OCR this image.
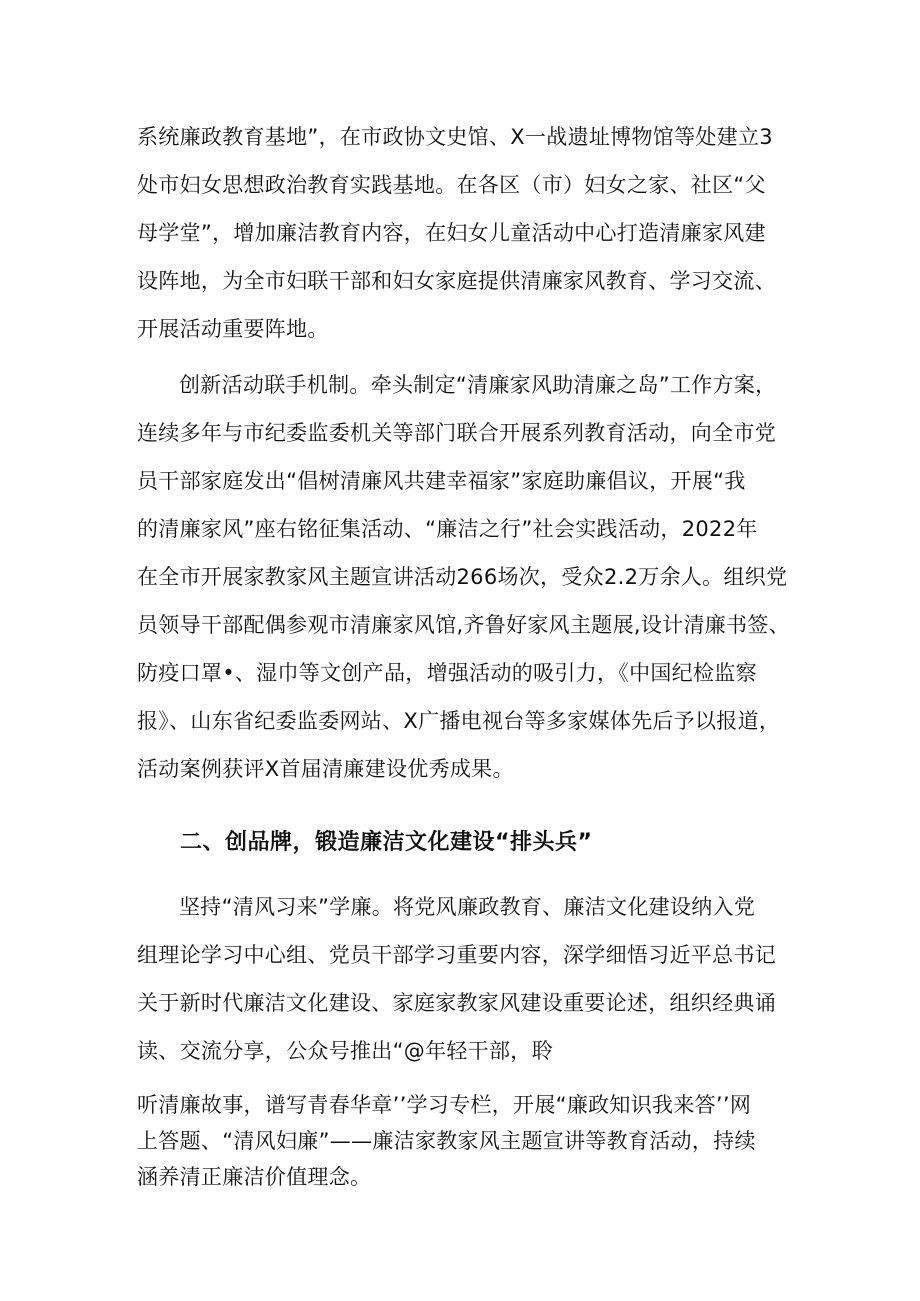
系统廉政教育基地”，在市政协文史馆、X一战遗址博物馆等处建立3
处市妇女思想政治教育实践基地。在各区（市）妇女之家、社区“父
母学堂”，增加廉洁教育内容，在妇女儿童活动中心打造清廉家风建
设阵地，为全市妇联干部和妇女家庭提供清廉家风教育、学习交流、
开展活动重要阵地。
创新活动联手机制。牵头制定“清廉家风助清廉之岛”工作方案，
连续多年与市纪委监委机关等部门联合开展系列教育活动，向全市党
员干部家庭发出“倡树清廉风共建幸福家”家庭助廉倡议，开展“我
的清廉家风”座右铭征集活动、“廉洁之行”社会实践活动，2022年
在全市开展家教家风主题宣讲活动266场次，受众2.2万余人。组织党
员领导干部配偶参观市清廉家风馆,齐鲁好家风主题展,设计清廉书签、
防疫口罩•、湿巾等文创产品，增强活动的吸引力，《中国纪检监察
报》、山东省纪委监委网站、X广播电视台等多家媒体先后予以报道，
活动案例获评X首届清廉建设优秀成果。
二、创品牌，锻造廉洁文化建设“排头兵”
坚持“清风习来”学廉。将党风廉政教育、廉洁文化建设纳入党
组理论学习中心组、党员干部学习重要内容，深学细悟习近平总书记
关于新时代廉洁文化建设、家庭家教家风建设重要论述，组织经典诵
读、交流分享，公众号推出“@年轻干部，聆
听清廉故事，谱写青春华章’’学习专栏，开展“廉政知识我来答’’网
上答题、“清风妇廉”——廉洁家教家风主题宣讲等教育活动，持续
涵养清正廉洁价值理念。
